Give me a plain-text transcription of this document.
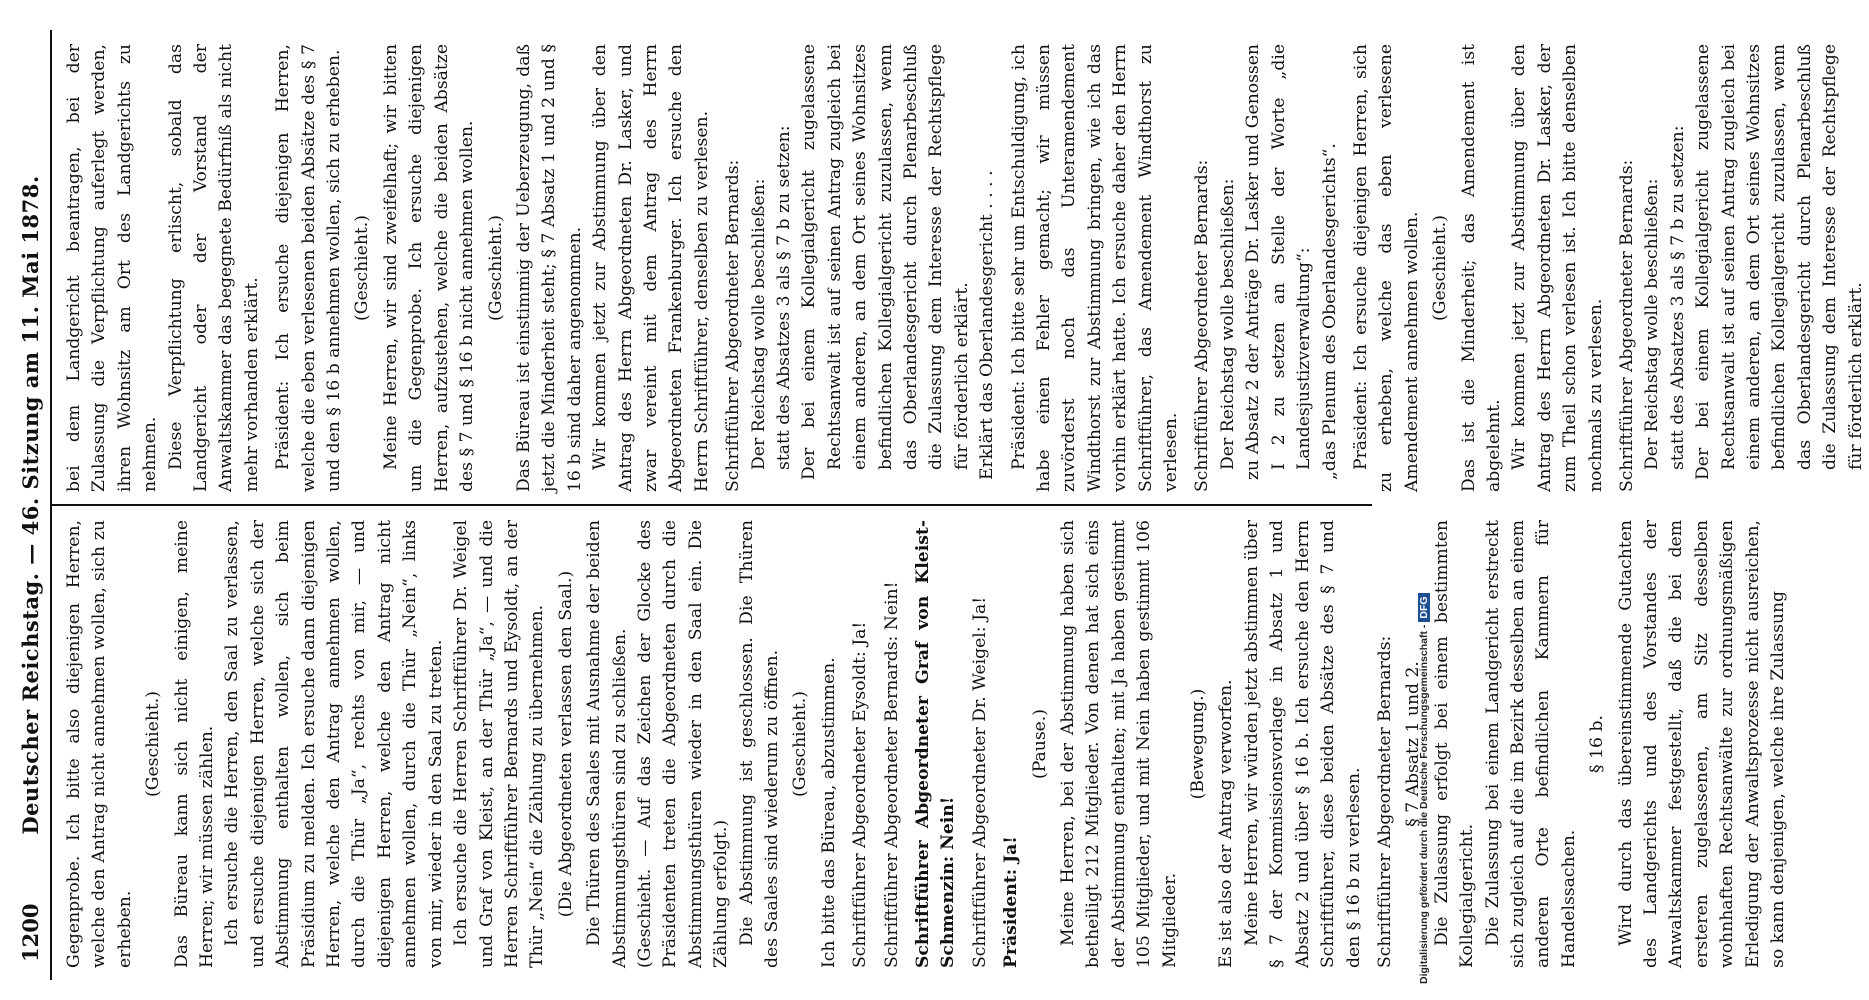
1200
Deutscher Reichstag. — 46. Sitzung am 11. Mai 1878. Gegenprobe. Ich bitte also diejenigen Herren, welche den Antrag nicht annehmen wollen, sich zu erheben.

(Geschieht.) Das Büreau kann sich nicht einigen, meine Herren; wir müssen zählen. Ich ersuche die Herren, den Saal zu verlassen, und ersuche diejenigen Herren, welche sich der Abstimmung enthalten wollen, sich beim Präsidium zu melden. Ich ersuche dann diejenigen Herren, welche den Antrag annehmen wollen, durch die Thür „Ja“, rechts von mir, — und diejenigen Herren, welche den Antrag nicht annehmen wollen, durch die Thür „Nein“, links von mir, wieder in den Saal zu treten. Ich ersuche die Herren Schriftführer Dr. Weigel und Graf von Kleist, an der Thür „Ja“, — und die Herren Schriftführer Bernards und Eysoldt, an der Thür „Nein“ die Zählung zu übernehmen. (Die Abgeordneten verlassen den Saal.) Die Thüren des Saales mit Ausnahme der beiden Abstimmungsthüren sind zu schließen. (Geschieht. — Auf das Zeichen der Glocke des Präsidenten treten die Abgeordneten durch die Abstimmungsthüren wieder in den Saal ein. Die Zählung erfolgt.) Die Abstimmung ist geschlossen. Die Thüren des Saales sind wiederum zu öffnen. (Geschieht.) Ich bitte das Büreau, abzustimmen. Schriftführer Abgeordneter Eysoldt: Ja! Schriftführer Abgeordneter Bernards: Nein! Schriftführer Abgeordneter Graf von Kleist-Schmenzin: Nein! Schriftführer Abgeordneter Dr. Weigel: Ja! Präsident: Ja!

(Pause.) Meine Herren, bei der Abstimmung haben sich betheiligt 212 Mitglieder. Von denen hat sich eins der Abstimmung enthalten; mit Ja haben gestimmt 105 Mitglieder, und mit Nein haben gestimmt 106 Mitglieder.

(Bewegung.) Es ist also der Antrag verworfen. Meine Herren, wir würden jetzt abstimmen über § 7 der Kommissionsvorlage in Absatz 1 und Absatz 2 und über § 16 b. Ich ersuche den Herrn Schriftführer, diese beiden Absätze des § 7 und den § 16 b zu verlesen. Schriftführer Abgeordneter Bernards: § 7 Absatz 1 und 2. Die Zulassung erfolgt bei einem bestimmten Kollegialgericht. Die Zulassung bei einem Landgericht erstreckt sich zugleich auf die im Bezirk desselben an einem anderen Orte befindlichen Kammern für Handelssachen.

§ 16 b. Wird durch das übereinstimmende Gutachten des Landgerichts und des Vorstandes der Anwaltskammer festgestellt, daß die bei dem ersteren zugelassenen, am Sitz desselben wohnhaften Rechtsanwälte zur ordnungsmäßigen Erledigung der Anwaltsprozesse nicht ausreichen, so kann denjenigen, welche ihre Zulassung

bei dem Landgericht beantragen, bei der Zulassung die Verpflichtung auferlegt werden, ihren Wohnsitz am Ort des Landgerichts zu nehmen. Diese Verpflichtung erlischt, sobald das Landgericht oder der Vorstand der Anwaltskammer das begegnete Bedürfniß als nicht mehr vorhanden erklärt. Präsident: Ich ersuche diejenigen Herren, welche die eben verlesenen beiden Absätze des § 7 und den § 16 b annehmen wollen, sich zu erheben. (Geschieht.) Meine Herren, wir sind zweifelhaft; wir bitten um die Gegenprobe. Ich ersuche diejenigen Herren, aufzustehen, welche die beiden Absätze des § 7 und § 16 b nicht annehmen wollen. (Geschieht.) Das Büreau ist einstimmig der Ueberzeugung, daß jetzt die Minderheit steht; § 7 Absatz 1 und 2 und § 16 b sind daher angenommen. Wir kommen jetzt zur Abstimmung über den Antrag des Herrn Abgeordneten Dr. Lasker, und zwar vereint mit dem Antrag des Herrn Abgeordneten Frankenburger. Ich ersuche den Herrn Schriftführer, denselben zu verlesen. Schriftführer Abgeordneter Bernards: Der Reichstag wolle beschließen: statt des Absatzes 3 als § 7 b zu setzen: Der bei einem Kollegialgericht zugelassene Rechtsanwalt ist auf seinen Antrag zugleich bei einem anderen, an dem Ort seines Wohnsitzes befindlichen Kollegialgericht zuzulassen, wenn das Oberlandesgericht durch Plenarbeschluß die Zulassung dem Interesse der Rechtspflege für förderlich erklärt. Erklärt das Oberlandesgericht . . . . Präsident: Ich bitte sehr um Entschuldigung, ich habe einen Fehler gemacht; wir müssen zuvörderst noch das Unteramendement Windthorst zur Abstimmung bringen, wie ich das vorhin erklärt hatte. Ich ersuche daher den Herrn Schriftführer, das Amendement Windthorst zu verlesen. Schriftführer Abgeordneter Bernards: Der Reichstag wolle beschließen: zu Absatz 2 der Anträge Dr. Lasker und Genossen I 2 zu setzen an Stelle der Worte „die Landesjustizverwaltung“: „das Plenum des Oberlandesgerichts“. Präsident: Ich ersuche diejenigen Herren, sich zu erheben, welche das eben verlesene Amendement annehmen wollen. (Geschieht.) Das ist die Minderheit; das Amendement ist abgelehnt. Wir kommen jetzt zur Abstimmung über den Antrag des Herrn Abgeordneten Dr. Lasker, der zum Theil schon verlesen ist. Ich bitte denselben nochmals zu verlesen. Schriftführer Abgeordneter Bernards: Der Reichstag wolle beschließen: statt des Absatzes 3 als § 7 b zu setzen: Der bei einem Kollegialgericht zugelassene Rechtsanwalt ist auf seinen Antrag zugleich bei einem anderen, an dem Ort seines Wohnsitzes befindlichen Kollegialgericht zuzulassen, wenn das Oberlandesgericht durch Plenarbeschluß die Zulassung dem Interesse der Rechtspflege für förderlich erklärt.

Digitalisierung gefördert durch die Deutsche Forschungsgemeinschaft -DFG
